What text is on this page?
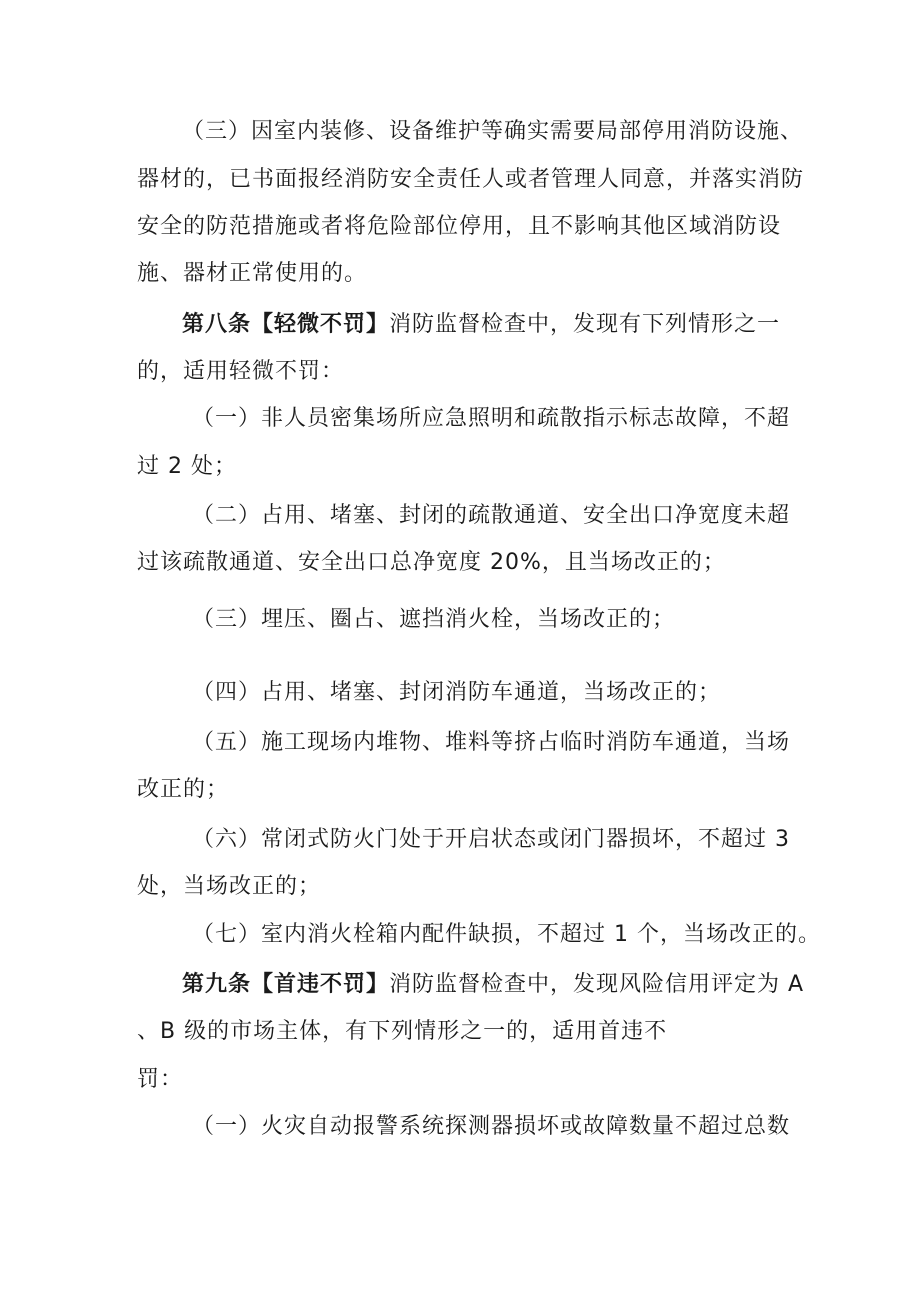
（三）因室内装修、设备维护等确实需要局部停用消防设施、
器材的，已书面报经消防安全责任人或者管理人同意，并落实消防
安全的防范措施或者将危险部位停用，且不影响其他区域消防设
施、器材正常使用的。
第八条【轻微不罚】消防监督检查中，发现有下列情形之一
的，适用轻微不罚：
（一）非人员密集场所应急照明和疏散指示标志故障，不超
过 2 处；
（二）占用、堵塞、封闭的疏散通道、安全出口净宽度未超
过该疏散通道、安全出口总净宽度 20%，且当场改正的；
（三）埋压、圈占、遮挡消火栓，当场改正的；
（四）占用、堵塞、封闭消防车通道，当场改正的；
（五）施工现场内堆物、堆料等挤占临时消防车通道，当场
改正的；
（六）常闭式防火门处于开启状态或闭门器损坏，不超过 3
处，当场改正的；
（七）室内消火栓箱内配件缺损，不超过 1 个，当场改正的。
第九条【首违不罚】消防监督检查中，发现风险信用评定为 A
、B 级的市场主体，有下列情形之一的，适用首违不
罚：
（一）火灾自动报警系统探测器损坏或故障数量不超过总数
